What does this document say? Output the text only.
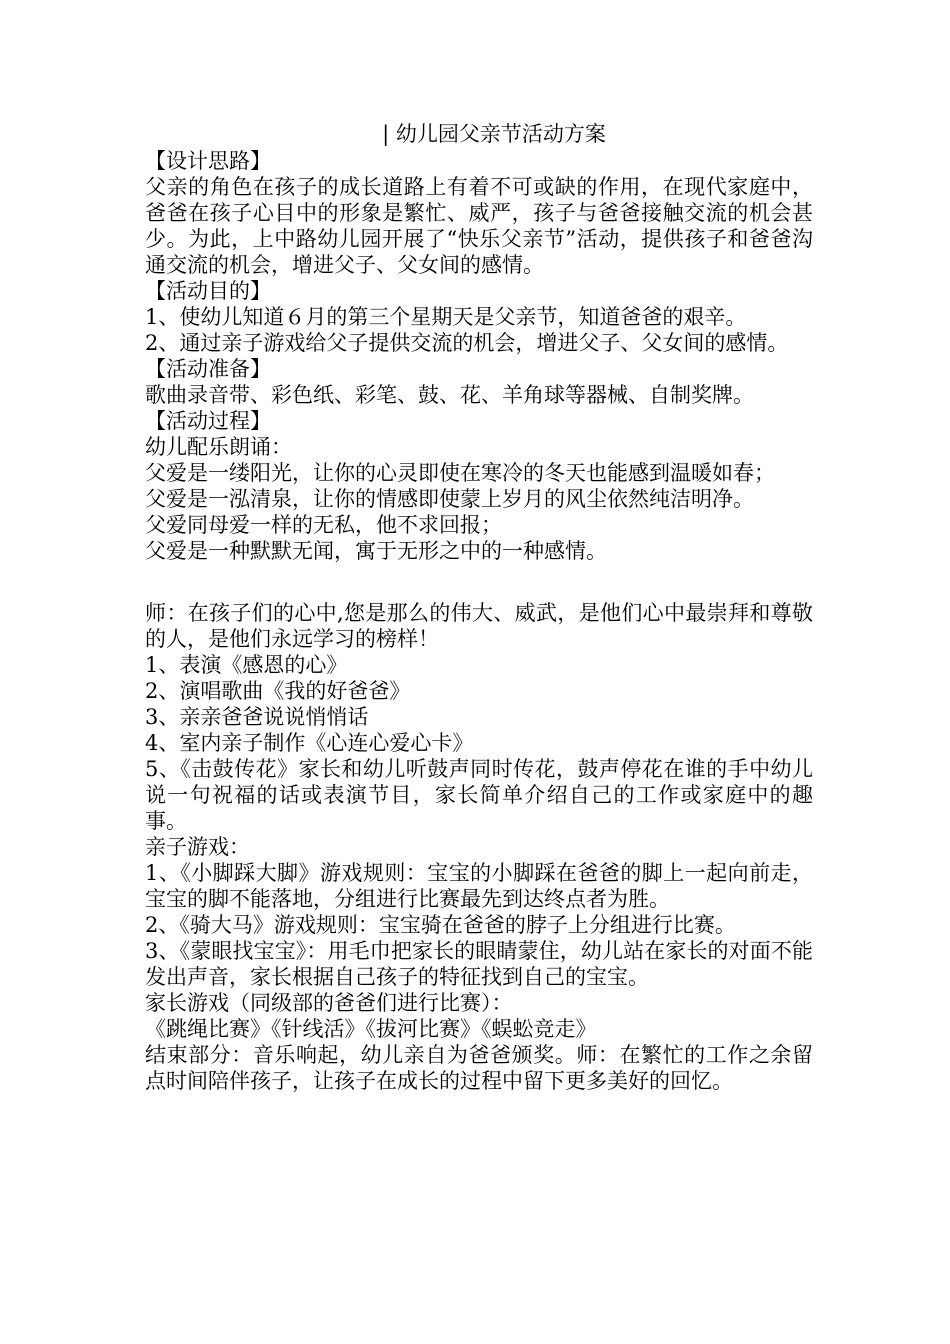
| 幼儿园父亲节活动方案

【设计思路】

父亲的角色在孩子的成长道路上有着不可或缺的作用，在现代家庭中，爸爸在孩子心目中的形象是繁忙、威严，孩子与爸爸接触交流的机会甚少。为此，上中路幼儿园开展了“快乐父亲节”活动，提供孩子和爸爸沟通交流的机会，增进父子、父女间的感情。

【活动目的】

1、使幼儿知道６月的第三个星期天是父亲节，知道爸爸的艰辛。

2、通过亲子游戏给父子提供交流的机会，增进父子、父女间的感情。

【活动准备】

歌曲录音带、彩色纸、彩笔、鼓、花、羊角球等器械、自制奖牌。

【活动过程】

幼儿配乐朗诵：

父爱是一缕阳光，让你的心灵即使在寒冷的冬天也能感到温暖如春；

父爱是一泓清泉，让你的情感即使蒙上岁月的风尘依然纯洁明净。

父爱同母爱一样的无私，他不求回报；

父爱是一种默默无闻，寓于无形之中的一种感情。

师：在孩子们的心中,您是那么的伟大、威武，是他们心中最崇拜和尊敬的人，是他们永远学习的榜样！

1、表演《感恩的心》

2、演唱歌曲《我的好爸爸》

3、亲亲爸爸说说悄悄话

4、室内亲子制作《心连心爱心卡》

5、《击鼓传花》家长和幼儿听鼓声同时传花，鼓声停花在谁的手中幼儿说一句祝福的话或表演节目，家长简单介绍自己的工作或家庭中的趣事。

亲子游戏：

1、《小脚踩大脚》游戏规则：宝宝的小脚踩在爸爸的脚上一起向前走，宝宝的脚不能落地，分组进行比赛最先到达终点者为胜。

2、《骑大马》游戏规则：宝宝骑在爸爸的脖子上分组进行比赛。

3、《蒙眼找宝宝》：用毛巾把家长的眼睛蒙住，幼儿站在家长的对面不能发出声音，家长根据自己孩子的特征找到自己的宝宝。

家长游戏（同级部的爸爸们进行比赛）：

《跳绳比赛》《针线活》《拔河比赛》《蜈蚣竞走》

结束部分：音乐响起，幼儿亲自为爸爸颁奖。师：在繁忙的工作之余留点时间陪伴孩子，让孩子在成长的过程中留下更多美好的回忆。
